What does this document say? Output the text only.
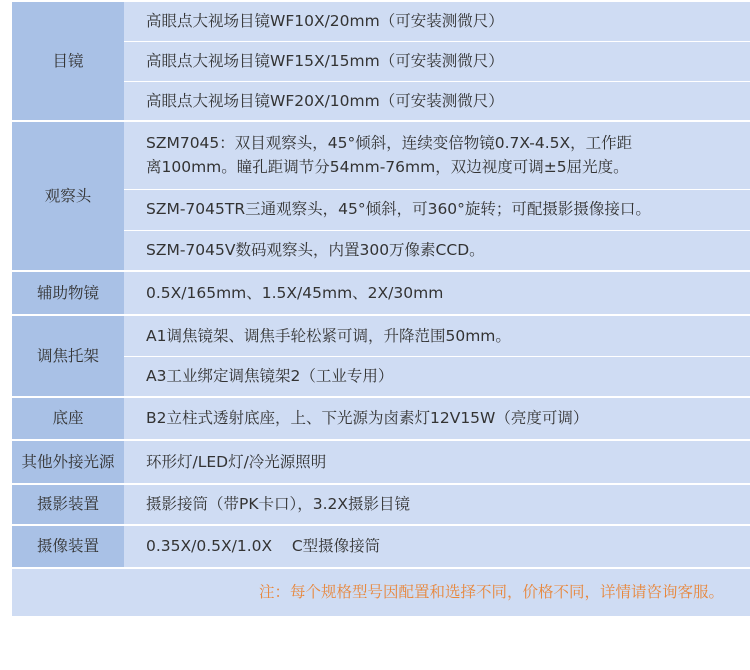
目镜	高眼点大视场目镜WF10X/20mm（可安装测微尺）

	高眼点大视场目镜WF15X/15mm（可安装测微尺）

	高眼点大视场目镜WF20X/10mm（可安装测微尺）

观察头	SZM7045：双目观察头，45°倾斜，连续变倍物镜0.7X-4.5X，工作距
离100mm。瞳孔距调节分54mm-76mm，双边视度可调±5屈光度。

	SZM-7045TR三通观察头，45°倾斜，可360°旋转；可配摄影摄像接口。

	SZM-7045V数码观察头，内置300万像素CCD。

辅助物镜	0.5X/165mm、1.5X/45mm、2X/30mm

调焦托架	A1调焦镜架、调焦手轮松紧可调，升降范围50mm。

	A3工业绑定调焦镜架2（工业专用）

底座	B2立柱式透射底座，上、下光源为卤素灯12V15W（亮度可调）

其他外接光源	环形灯/LED灯/冷光源照明

摄影装置	摄影接筒（带PK卡口），3.2X摄影目镜

摄像装置	0.35X/0.5X/1.0X    C型摄像接筒

注：每个规格型号因配置和选择不同，价格不同，详情请咨询客服。	
